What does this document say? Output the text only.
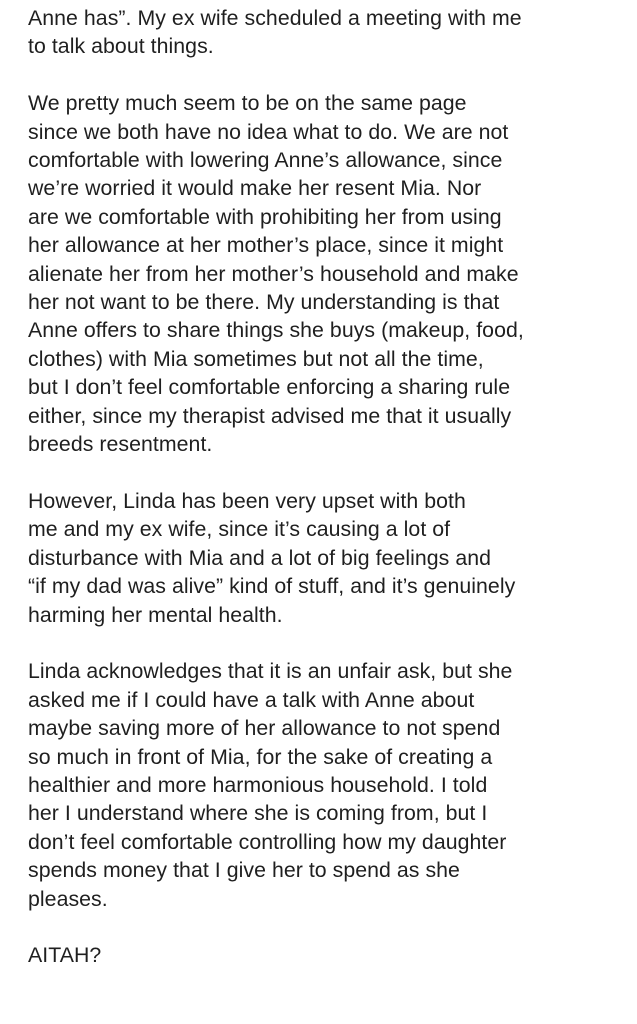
Anne has”. My ex wife scheduled a meeting with me
to talk about things.

We pretty much seem to be on the same page
since we both have no idea what to do. We are not
comfortable with lowering Anne’s allowance, since
we’re worried it would make her resent Mia. Nor
are we comfortable with prohibiting her from using
her allowance at her mother’s place, since it might
alienate her from her mother’s household and make
her not want to be there. My understanding is that
Anne offers to share things she buys (makeup, food,
clothes) with Mia sometimes but not all the time,
but I don’t feel comfortable enforcing a sharing rule
either, since my therapist advised me that it usually
breeds resentment.

However, Linda has been very upset with both
me and my ex wife, since it’s causing a lot of
disturbance with Mia and a lot of big feelings and
“if my dad was alive” kind of stuff, and it’s genuinely
harming her mental health.

Linda acknowledges that it is an unfair ask, but she
asked me if I could have a talk with Anne about
maybe saving more of her allowance to not spend
so much in front of Mia, for the sake of creating a
healthier and more harmonious household. I told
her I understand where she is coming from, but I
don’t feel comfortable controlling how my daughter
spends money that I give her to spend as she
pleases.

AITAH?
